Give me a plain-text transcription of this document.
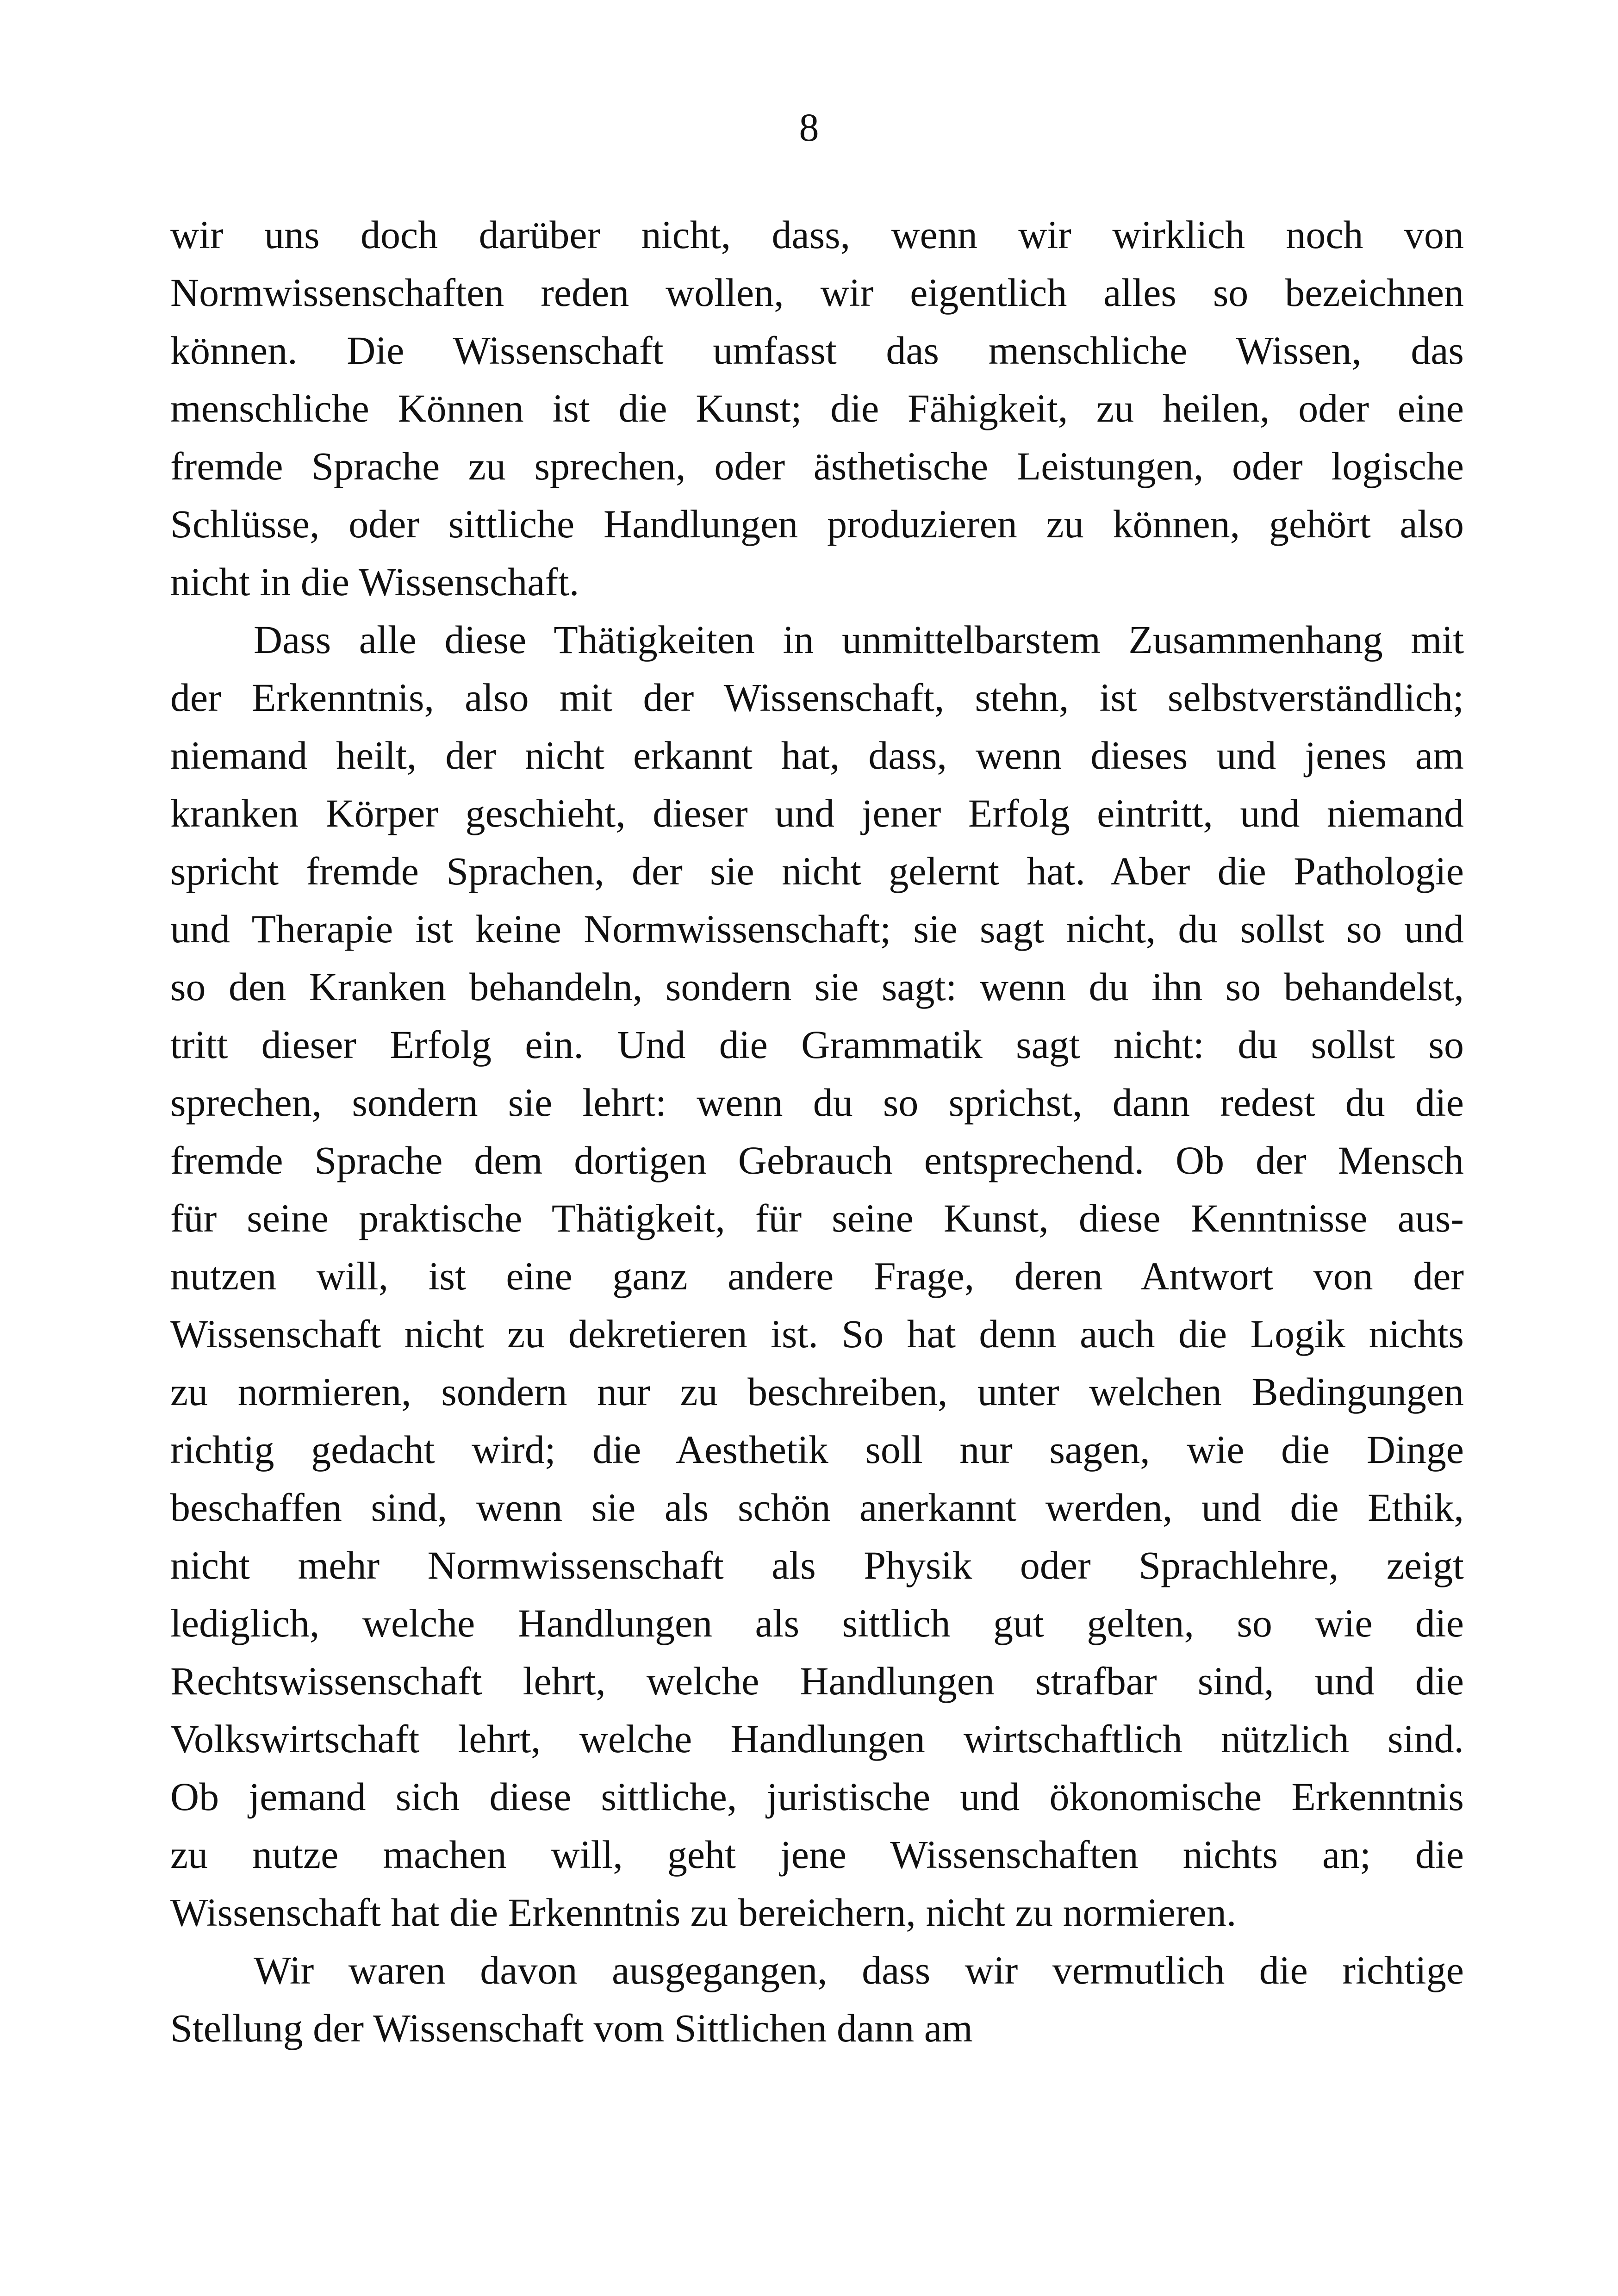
8
wir uns doch darüber nicht, dass, wenn wir wirklich noch von
Normwissenschaften reden wollen, wir eigentlich alles so bezeichnen
können. Die Wissenschaft umfasst das menschliche Wissen, das
menschliche Können ist die Kunst; die Fähigkeit, zu heilen, oder eine
fremde Sprache zu sprechen, oder ästhetische Leistungen, oder logische
Schlüsse, oder sittliche Handlungen produzieren zu können, gehört also
nicht in die Wissenschaft.
Dass alle diese Thätigkeiten in unmittelbarstem Zusammenhang mit
der Erkenntnis, also mit der Wissenschaft, stehn, ist selbstverständlich;
niemand heilt, der nicht erkannt hat, dass, wenn dieses und jenes am
kranken Körper geschieht, dieser und jener Erfolg eintritt, und niemand
spricht fremde Sprachen, der sie nicht gelernt hat. Aber die Pathologie
und Therapie ist keine Normwissenschaft; sie sagt nicht, du sollst so und
so den Kranken behandeln, sondern sie sagt: wenn du ihn so behandelst,
tritt dieser Erfolg ein. Und die Grammatik sagt nicht: du sollst so
sprechen, sondern sie lehrt: wenn du so sprichst, dann redest du die
fremde Sprache dem dortigen Gebrauch entsprechend. Ob der Mensch
für seine praktische Thätigkeit, für seine Kunst, diese Kenntnisse aus-
nutzen will, ist eine ganz andere Frage, deren Antwort von der
Wissenschaft nicht zu dekretieren ist. So hat denn auch die Logik nichts
zu normieren, sondern nur zu beschreiben, unter welchen Bedingungen
richtig gedacht wird; die Aesthetik soll nur sagen, wie die Dinge
beschaffen sind, wenn sie als schön anerkannt werden, und die Ethik,
nicht mehr Normwissenschaft als Physik oder Sprachlehre, zeigt
lediglich, welche Handlungen als sittlich gut gelten, so wie die
Rechtswissenschaft lehrt, welche Handlungen strafbar sind, und die
Volkswirtschaft lehrt, welche Handlungen wirtschaftlich nützlich sind.
Ob jemand sich diese sittliche, juristische und ökonomische Erkenntnis
zu nutze machen will, geht jene Wissenschaften nichts an; die
Wissenschaft hat die Erkenntnis zu bereichern, nicht zu normieren.
Wir waren davon ausgegangen, dass wir vermutlich die richtige
Stellung der Wissenschaft vom Sittlichen dann am
